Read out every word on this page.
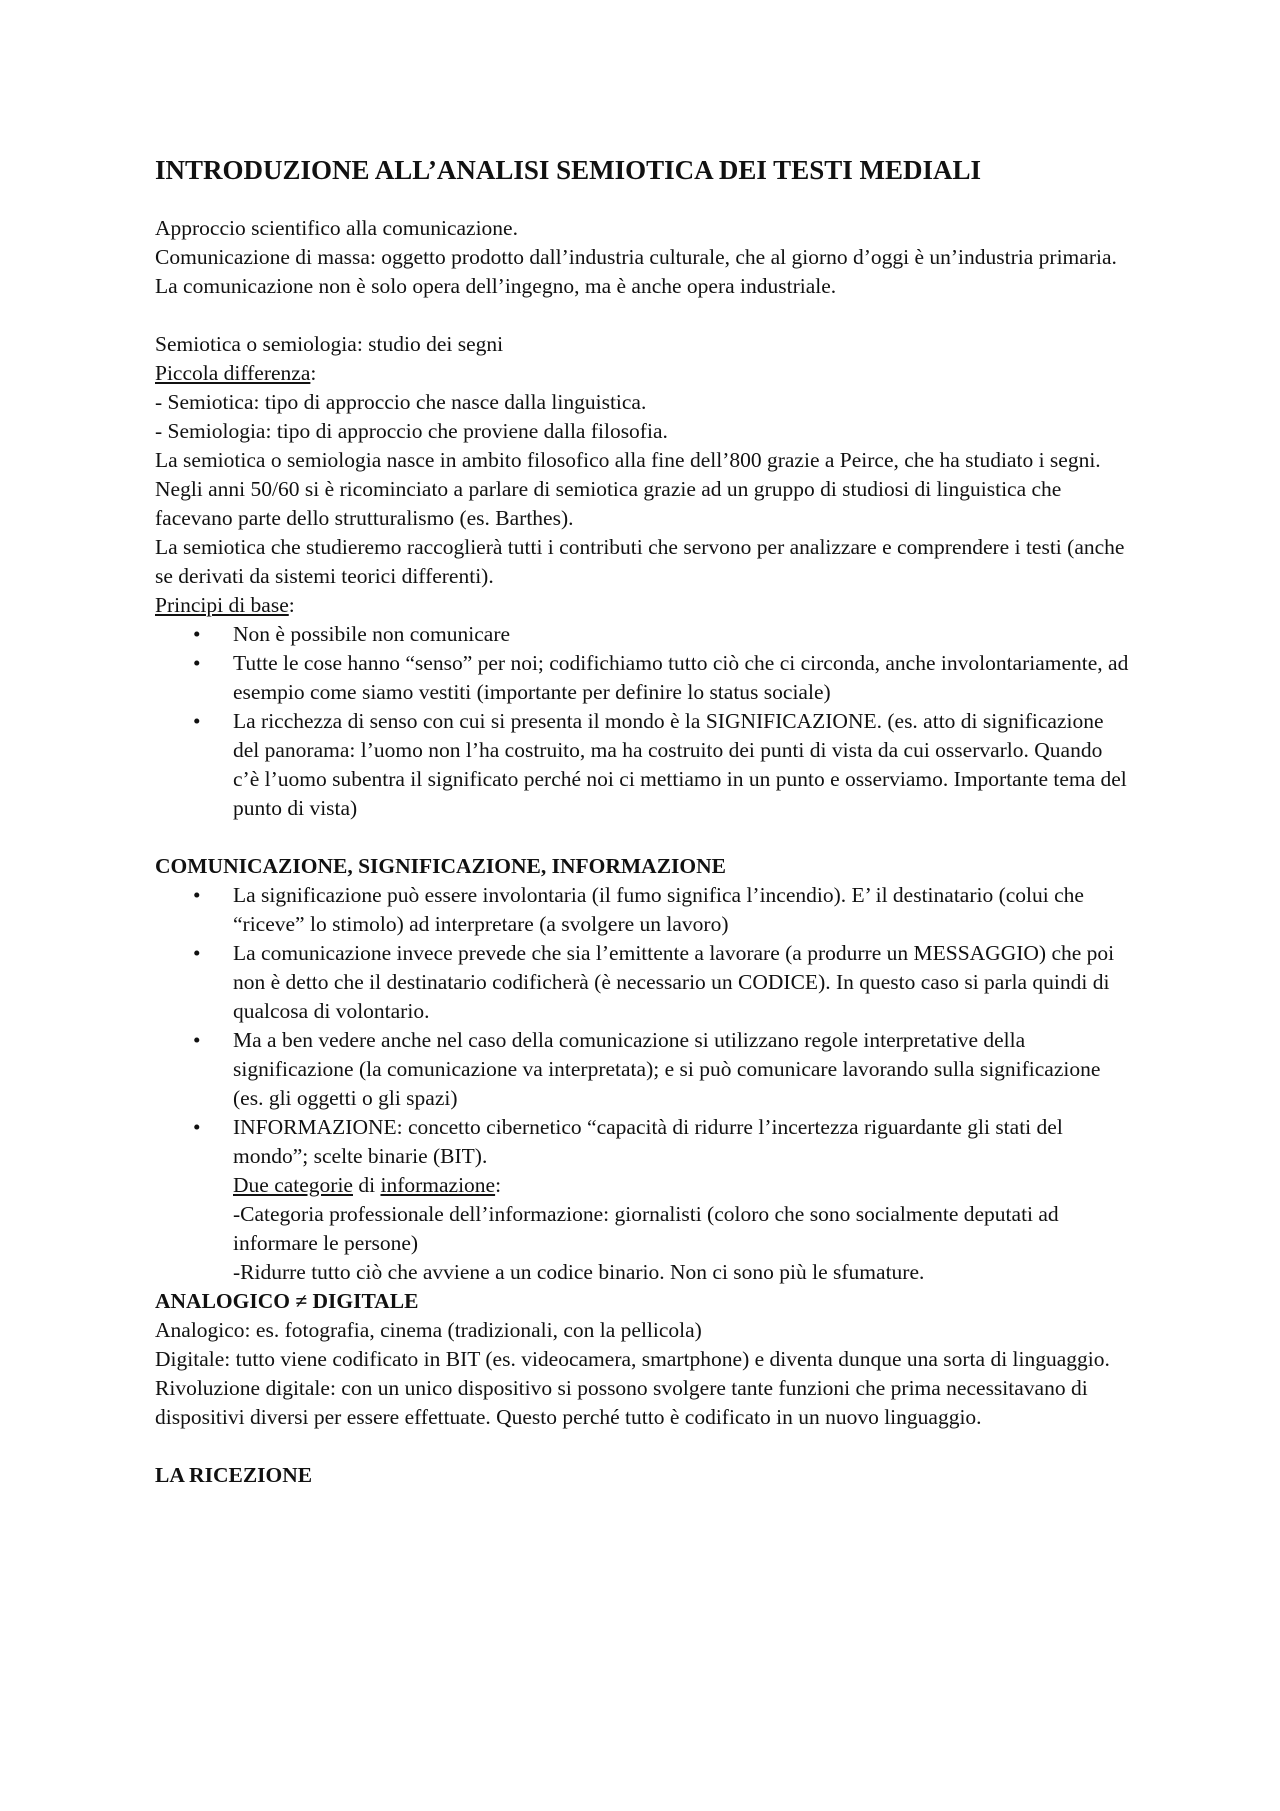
INTRODUZIONE ALL’ANALISI SEMIOTICA DEI TESTI MEDIALI

Approccio scientifico alla comunicazione.

Comunicazione di massa: oggetto prodotto dall’industria culturale, che al giorno d’oggi è un’industria primaria. La comunicazione non è solo opera dell’ingegno, ma è anche opera industriale.

Semiotica o semiologia: studio dei segni

Piccola differenza:

- Semiotica: tipo di approccio che nasce dalla linguistica.

- Semiologia: tipo di approccio che proviene dalla filosofia.

La semiotica o semiologia nasce in ambito filosofico alla fine dell’800 grazie a Peirce, che ha studiato i segni. Negli anni 50/60 si è ricominciato a parlare di semiotica grazie ad un gruppo di studiosi di linguistica che facevano parte dello strutturalismo (es. Barthes).

La semiotica che studieremo raccoglierà tutti i contributi che servono per analizzare e comprendere i testi (anche se derivati da sistemi teorici differenti).

Principi di base:

• Non è possibile non comunicare
• Tutte le cose hanno “senso” per noi; codifichiamo tutto ciò che ci circonda, anche involontariamente, ad esempio come siamo vestiti (importante per definire lo status sociale)
• La ricchezza di senso con cui si presenta il mondo è la SIGNIFICAZIONE. (es. atto di significazione del panorama: l’uomo non l’ha costruito, ma ha costruito dei punti di vista da cui osservarlo. Quando c’è l’uomo subentra il significato perché noi ci mettiamo in un punto e osserviamo. Importante tema del punto di vista)
COMUNICAZIONE, SIGNIFICAZIONE, INFORMAZIONE
• La significazione può essere involontaria (il fumo significa l’incendio). E’ il destinatario (colui che “riceve” lo stimolo) ad interpretare (a svolgere un lavoro)
• La comunicazione invece prevede che sia l’emittente a lavorare (a produrre un MESSAGGIO) che poi non è detto che il destinatario codificherà (è necessario un CODICE). In questo caso si parla quindi di qualcosa di volontario.
• Ma a ben vedere anche nel caso della comunicazione si utilizzano regole interpretative della significazione (la comunicazione va interpretata); e si può comunicare lavorando sulla significazione (es. gli oggetti o gli spazi)
• INFORMAZIONE: concetto cibernetico “capacità di ridurre l’incertezza riguardante gli stati del mondo”; scelte binarie (BIT).
Due categorie di informazione:
-Categoria professionale dell’informazione: giornalisti (coloro che sono socialmente deputati ad informare le persone)
-Ridurre tutto ciò che avviene a un codice binario. Non ci sono più le sfumature.
ANALOGICO ≠ DIGITALE

Analogico: es. fotografia, cinema (tradizionali, con la pellicola)

Digitale: tutto viene codificato in BIT (es. videocamera, smartphone) e diventa dunque una sorta di linguaggio.

Rivoluzione digitale: con un unico dispositivo si possono svolgere tante funzioni che prima necessitavano di dispositivi diversi per essere effettuate. Questo perché tutto è codificato in un nuovo linguaggio.

LA RICEZIONE
